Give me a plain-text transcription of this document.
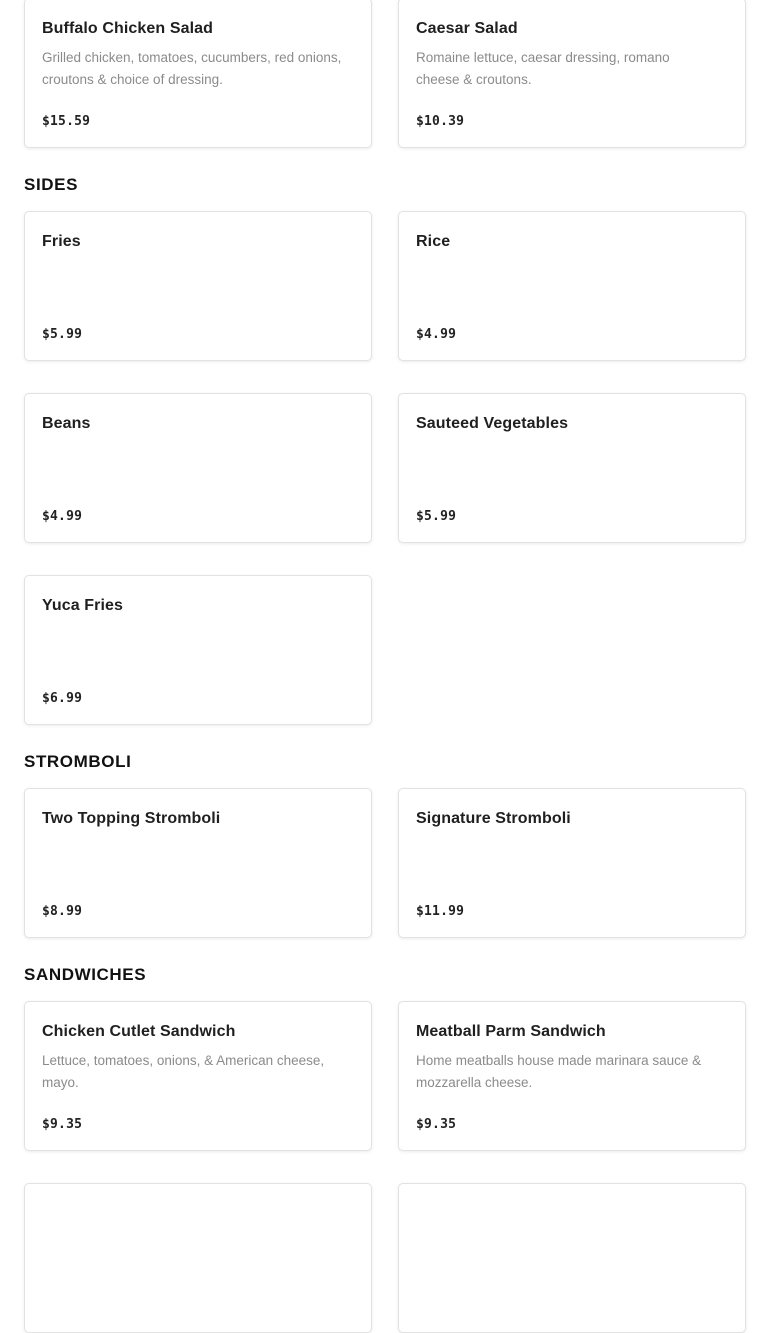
Buffalo Chicken Salad
Grilled chicken, tomatoes, cucumbers, red onions, croutons & choice of dressing.
$15.59
Caesar Salad
Romaine lettuce, caesar dressing, romano cheese & croutons.
$10.39
SIDES
Fries
$5.99
Rice
$4.99
Beans
$4.99
Sauteed Vegetables
$5.99
Yuca Fries
$6.99
STROMBOLI
Two Topping Stromboli
$8.99
Signature Stromboli
$11.99
SANDWICHES
Chicken Cutlet Sandwich
Lettuce, tomatoes, onions, & American cheese, mayo.
$9.35
Meatball Parm Sandwich
Home meatballs house made marinara sauce & mozzarella cheese.
$9.35
